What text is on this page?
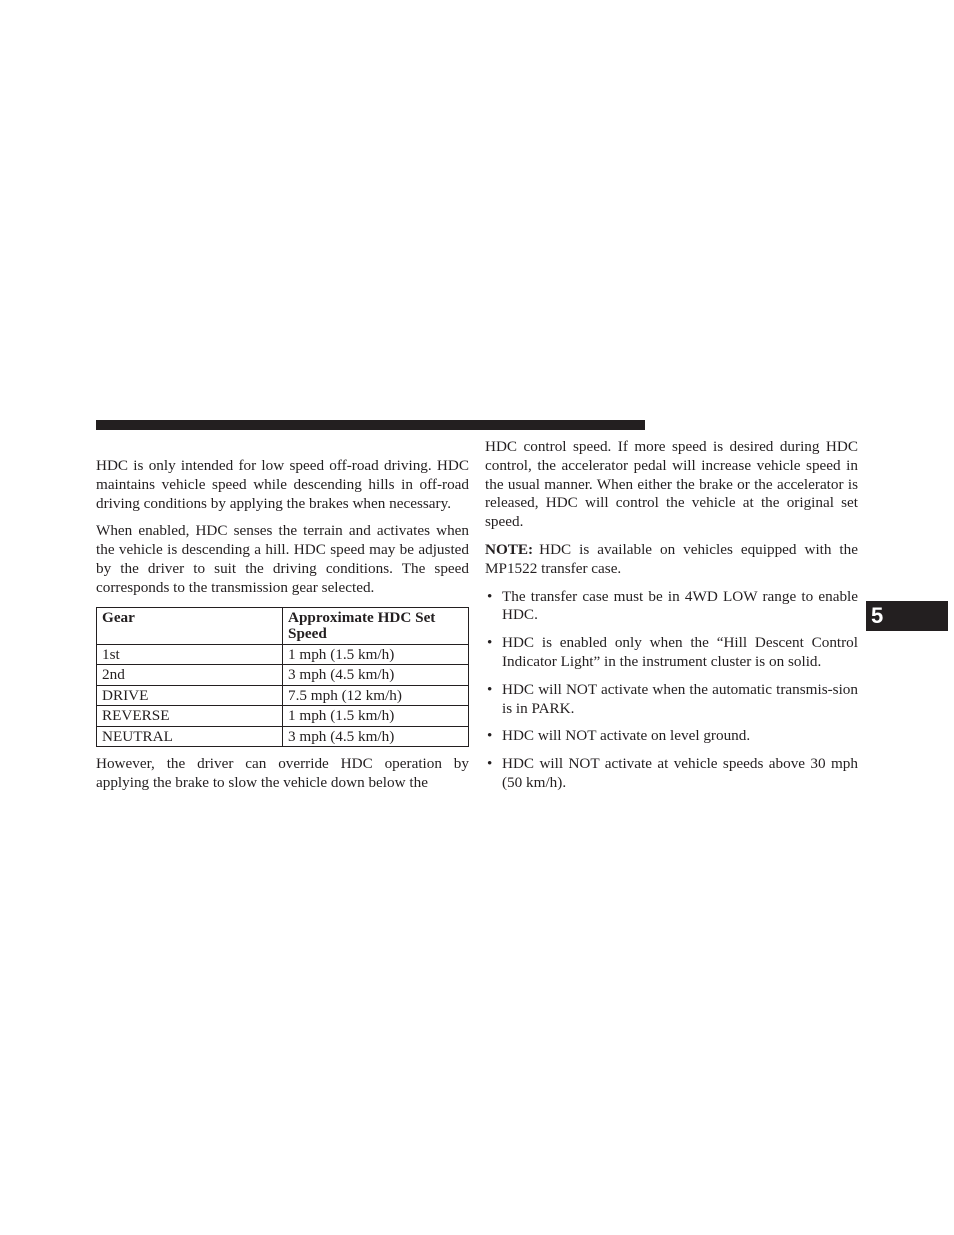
HDC is only intended for low speed off-road driving. HDC maintains vehicle speed while descending hills in off-road driving conditions by applying the brakes when necessary.

When enabled, HDC senses the terrain and activates when the vehicle is descending a hill. HDC speed may be adjusted by the driver to suit the driving conditions. The speed corresponds to the transmission gear selected.

Gear	Approximate HDC Set Speed
1st	1 mph (1.5 km/h)
2nd	3 mph (4.5 km/h)
DRIVE	7.5 mph (12 km/h)
REVERSE	1 mph (1.5 km/h)
NEUTRAL	3 mph (4.5 km/h)

However, the driver can override HDC operation by applying the brake to slow the vehicle down below the

HDC control speed. If more speed is desired during HDC control, the accelerator pedal will increase vehicle speed in the usual manner. When either the brake or the accelerator is released, HDC will control the vehicle at the original set speed.

NOTE: HDC is available on vehicles equipped with the MP1522 transfer case.

• The transfer case must be in 4WD LOW range to enable HDC.
• HDC is enabled only when the “Hill Descent Control Indicator Light” in the instrument cluster is on solid.
• HDC will NOT activate when the automatic transmis-sion is in PARK.
• HDC will NOT activate on level ground.
• HDC will NOT activate at vehicle speeds above 30 mph (50 km/h).
5
